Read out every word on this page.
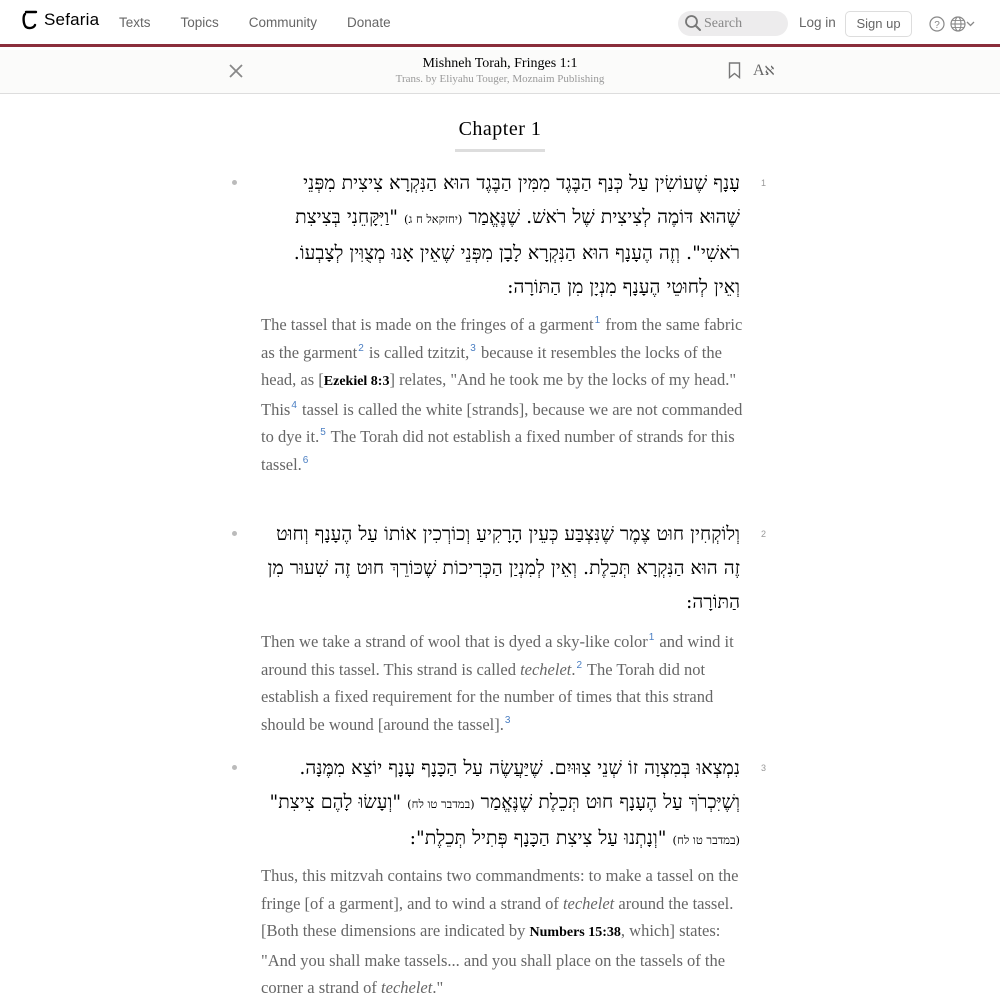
Sefaria Texts Topics Community Donate
Search	Log in	Sign up	?
Mishneh Torah, Fringes 1:1
Trans. by Eliyahu Touger, Moznaim Publishing	Aℵ
Chapter 1
1
עָנָף שֶׁעוֹשִׂין עַל כְּנַף הַבֶּגֶד מִמִּין הַבֶּגֶד הוּא הַנִּקְרָא צִיצִית מִפְּנֵי שֶׁהוּא דּוֹמֶה לְצִיצִית שֶׁל רֹאשׁ. שֶׁנֶּאֱמַר (יחזקאל ח ג) "וַיִּקָּחֵנִי בְּצִיצִת רֹאשִׁי". וְזֶה הֶעָנָף הוּא הַנִּקְרָא לָבָן מִפְּנֵי שֶׁאֵין אָנוּ מְצֻוִּין לְצָבְעוֹ. וְאֵין לְחוּטֵי הֶעָנָף מִנְיָן מִן הַתּוֹרָה:
The tassel that is made on the fringes of a garment$^1$ from the same fabric as the garment$^2$ is called tzitzit,$^3$ because it resembles the locks of the head, as [Ezekiel 8:3] relates, "And he took me by the locks of my head."
This$^4$ tassel is called the white [strands], because we are not commanded to dye it.$^5$ The Torah did not establish a fixed number of strands for this tassel.$^6$
2
וְלוֹקְחִין חוּט צֶמֶר שֶׁנִּצְבַּע כְּעֵין הָרָקִיעַ וְכוֹרְכִין אוֹתוֹ עַל הֶעָנָף וְחוּט זֶה הוּא הַנִּקְרָא תְּכֵלֶת. וְאֵין לְמִנְיַן הַכְּרִיכוֹת שֶׁכּוֹרֵךְ חוּט זֶה שִׁעוּר מִן הַתּוֹרָה:
Then we take a strand of wool that is dyed a sky-like color$^1$ and wind it around this tassel. This strand is called techelet.$^2$ The Torah did not establish a fixed requirement for the number of times that this strand should be wound [around the tassel].$^3$
3
נִמְצְאוּ בְּמִצְוָה זוֹ שְׁנֵי צִוּוּיִם. שֶׁיַּעֲשֶׂה עַל הַכָּנָף עָנָף יוֹצֵא מִמֶּנָּה. וְשֶׁיִּכְרֹךְ עַל הֶעָנָף חוּט תְּכֵלֶת שֶׁנֶּאֱמַר (במדבר טו לח) "וְעָשׂוּ לָהֶם צִיצִת" (במדבר טו לח) "וְנָתְנוּ עַל צִיצִת הַכָּנָף פְּתִיל תְּכֵלֶת":
Thus, this mitzvah contains two commandments: to make a tassel on the fringe [of a garment], and to wind a strand of techelet around the tassel. [Both these dimensions are indicated by Numbers 15:38, which] states: "And you shall make tassels... and you shall place on the tassels of the corner a strand of techelet."
